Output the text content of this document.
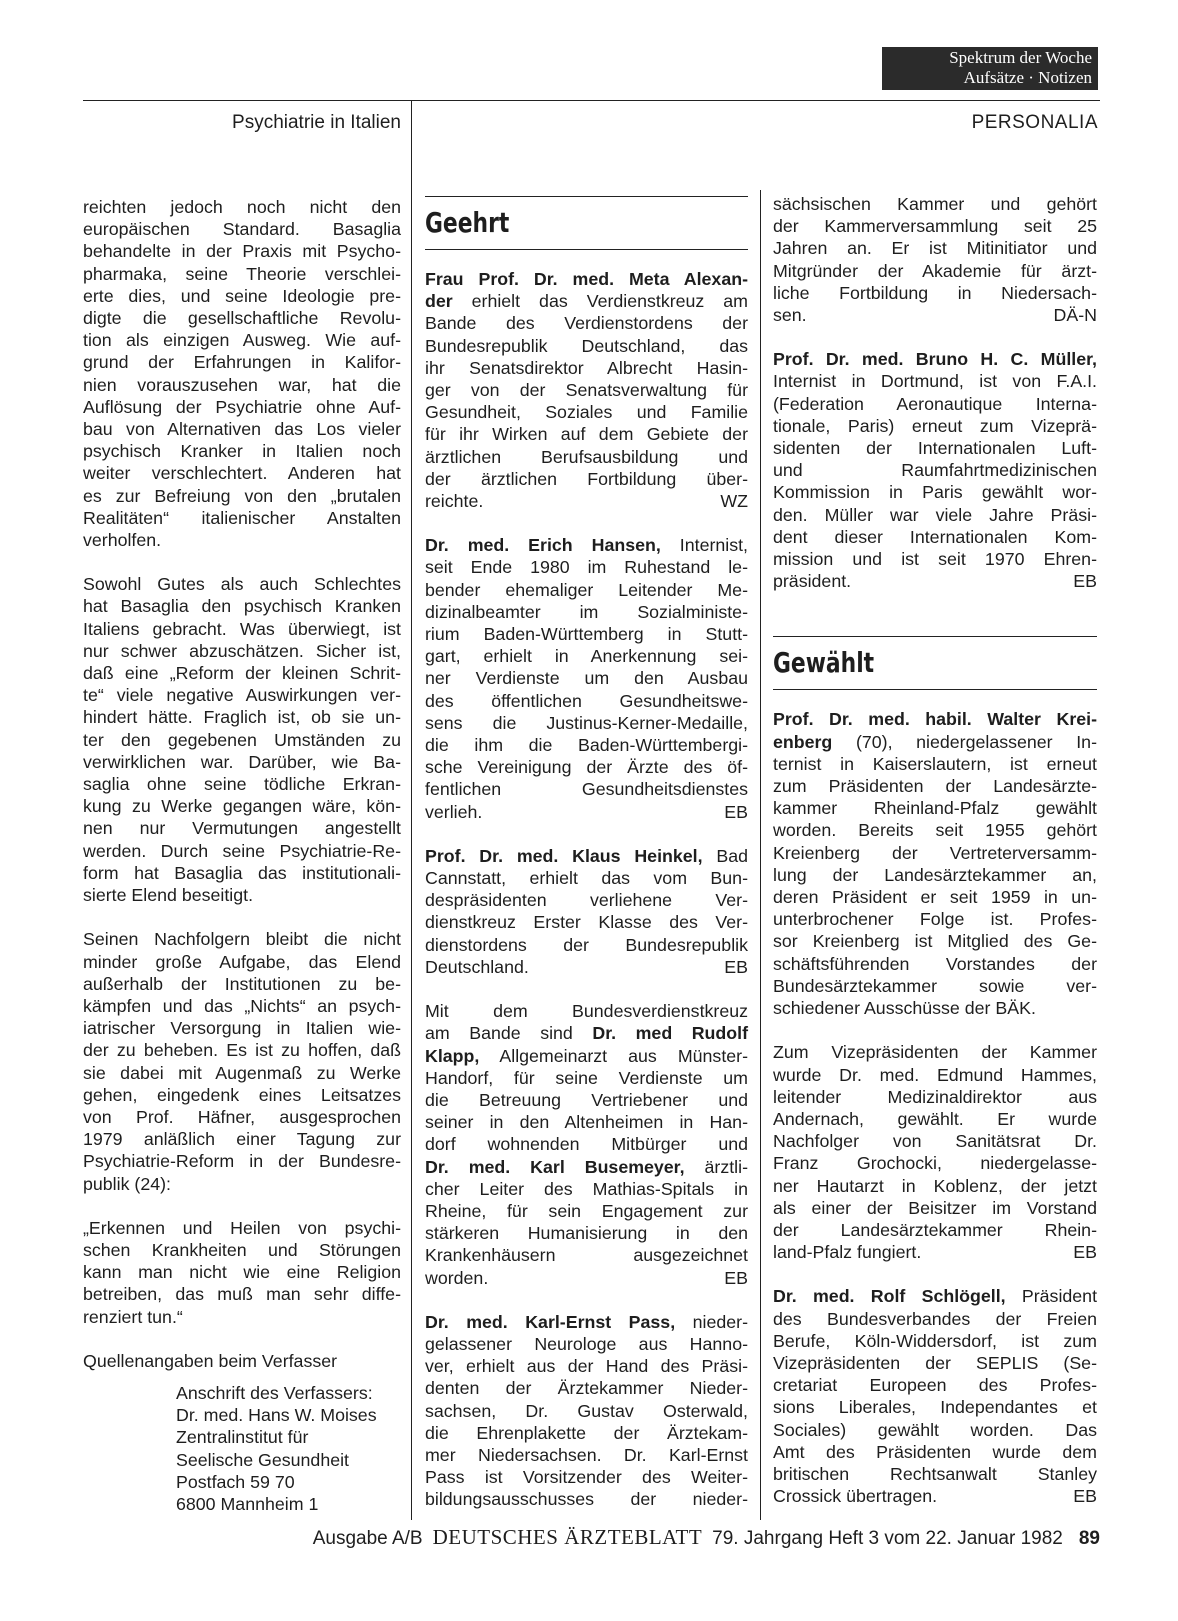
Spektrum der Woche
Aufsätze · Notizen
Psychiatrie in Italien	PERSONALIA
reichten jedoch noch nicht den
europäischen Standard. Basaglia
behandelte in der Praxis mit Psycho-
pharmaka, seine Theorie verschlei-
erte dies, und seine Ideologie pre-
digte die gesellschaftliche Revolu-
tion als einzigen Ausweg. Wie auf-
grund der Erfahrungen in Kalifor-
nien vorauszusehen war, hat die
Auflösung der Psychiatrie ohne Auf-
bau von Alternativen das Los vieler
psychisch Kranker in Italien noch
weiter verschlechtert. Anderen hat
es zur Befreiung von den „brutalen
Realitäten“ italienischer Anstalten
verholfen.
Sowohl Gutes als auch Schlechtes
hat Basaglia den psychisch Kranken
Italiens gebracht. Was überwiegt, ist
nur schwer abzuschätzen. Sicher ist,
daß eine „Reform der kleinen Schrit-
te“ viele negative Auswirkungen ver-
hindert hätte. Fraglich ist, ob sie un-
ter den gegebenen Umständen zu
verwirklichen war. Darüber, wie Ba-
saglia ohne seine tödliche Erkran-
kung zu Werke gegangen wäre, kön-
nen nur Vermutungen angestellt
werden. Durch seine Psychiatrie-Re-
form hat Basaglia das institutionali-
sierte Elend beseitigt.
Seinen Nachfolgern bleibt die nicht
minder große Aufgabe, das Elend
außerhalb der Institutionen zu be-
kämpfen und das „Nichts“ an psych-
iatrischer Versorgung in Italien wie-
der zu beheben. Es ist zu hoffen, daß
sie dabei mit Augenmaß zu Werke
gehen, eingedenk eines Leitsatzes
von Prof. Häfner, ausgesprochen
1979 anläßlich einer Tagung zur
Psychiatrie-Reform in der Bundesre-
publik (24):
„Erkennen und Heilen von psychi-
schen Krankheiten und Störungen
kann man nicht wie eine Religion
betreiben, das muß man sehr diffe-
renziert tun.“
Quellenangaben beim Verfasser
Anschrift des Verfassers:
Dr. med. Hans W. Moises
Zentralinstitut für
Seelische Gesundheit
Postfach 59 70
6800 Mannheim 1
Geehrt
Frau Prof. Dr. med. Meta Alexan-
der erhielt das Verdienstkreuz am
Bande des Verdienstordens der
Bundesrepublik Deutschland, das
ihr Senatsdirektor Albrecht Hasin-
ger von der Senatsverwaltung für
Gesundheit, Soziales und Familie
für ihr Wirken auf dem Gebiete der
ärztlichen Berufsausbildung und
der ärztlichen Fortbildung über-
reichte.	WZ
Dr. med. Erich Hansen, Internist,
seit Ende 1980 im Ruhestand le-
bender ehemaliger Leitender Me-
dizinalbeamter im Sozialministe-
rium Baden-Württemberg in Stutt-
gart, erhielt in Anerkennung sei-
ner Verdienste um den Ausbau
des öffentlichen Gesundheitswe-
sens die Justinus-Kerner-Medaille,
die ihm die Baden-Württembergi-
sche Vereinigung der Ärzte des öf-
fentlichen Gesundheitsdienstes
verlieh.	EB
Prof. Dr. med. Klaus Heinkel, Bad
Cannstatt, erhielt das vom Bun-
despräsidenten verliehene Ver-
dienstkreuz Erster Klasse des Ver-
dienstordens der Bundesrepublik
Deutschland.	EB
Mit dem Bundesverdienstkreuz
am Bande sind Dr. med Rudolf
Klapp, Allgemeinarzt aus Münster-
Handorf, für seine Verdienste um
die Betreuung Vertriebener und
seiner in den Altenheimen in Han-
dorf wohnenden Mitbürger und
Dr. med. Karl Busemeyer, ärztli-
cher Leiter des Mathias-Spitals in
Rheine, für sein Engagement zur
stärkeren Humanisierung in den
Krankenhäusern ausgezeichnet
worden.	EB
Dr. med. Karl-Ernst Pass, nieder-
gelassener Neurologe aus Hanno-
ver, erhielt aus der Hand des Präsi-
denten der Ärztekammer Nieder-
sachsen, Dr. Gustav Osterwald,
die Ehrenplakette der Ärztekam-
mer Niedersachsen. Dr. Karl-Ernst
Pass ist Vorsitzender des Weiter-
bildungsausschusses der nieder-
sächsischen Kammer und gehört
der Kammerversammlung seit 25
Jahren an. Er ist Mitinitiator und
Mitgründer der Akademie für ärzt-
liche Fortbildung in Niedersach-
sen.	DÄ-N
Prof. Dr. med. Bruno H. C. Müller,
Internist in Dortmund, ist von F.A.I.
(Federation Aeronautique Interna-
tionale, Paris) erneut zum Vizeprä-
sidenten der Internationalen Luft-
und Raumfahrtmedizinischen
Kommission in Paris gewählt wor-
den. Müller war viele Jahre Präsi-
dent dieser Internationalen Kom-
mission und ist seit 1970 Ehren-
präsident.	EB
Gewählt
Prof. Dr. med. habil. Walter Krei-
enberg (70), niedergelassener In-
ternist in Kaiserslautern, ist erneut
zum Präsidenten der Landesärzte-
kammer Rheinland-Pfalz gewählt
worden. Bereits seit 1955 gehört
Kreienberg der Vertreterversamm-
lung der Landesärztekammer an,
deren Präsident er seit 1959 in un-
unterbrochener Folge ist. Profes-
sor Kreienberg ist Mitglied des Ge-
schäftsführenden Vorstandes der
Bundesärztekammer sowie ver-
schiedener Ausschüsse der BÄK.
Zum Vizepräsidenten der Kammer
wurde Dr. med. Edmund Hammes,
leitender Medizinaldirektor aus
Andernach, gewählt. Er wurde
Nachfolger von Sanitätsrat Dr.
Franz Grochocki, niedergelasse-
ner Hautarzt in Koblenz, der jetzt
als einer der Beisitzer im Vorstand
der Landesärztekammer Rhein-
land-Pfalz fungiert.	EB
Dr. med. Rolf Schlögell, Präsident
des Bundesverbandes der Freien
Berufe, Köln-Widdersdorf, ist zum
Vizepräsidenten der SEPLIS (Se-
cretariat Europeen des Profes-
sions Liberales, Independantes et
Sociales) gewählt worden. Das
Amt des Präsidenten wurde dem
britischen Rechtsanwalt Stanley
Crossick übertragen.	EB
Ausgabe A/B DEUTSCHES ÄRZTEBLATT 79. Jahrgang Heft 3 vom 22. Januar 1982 89
